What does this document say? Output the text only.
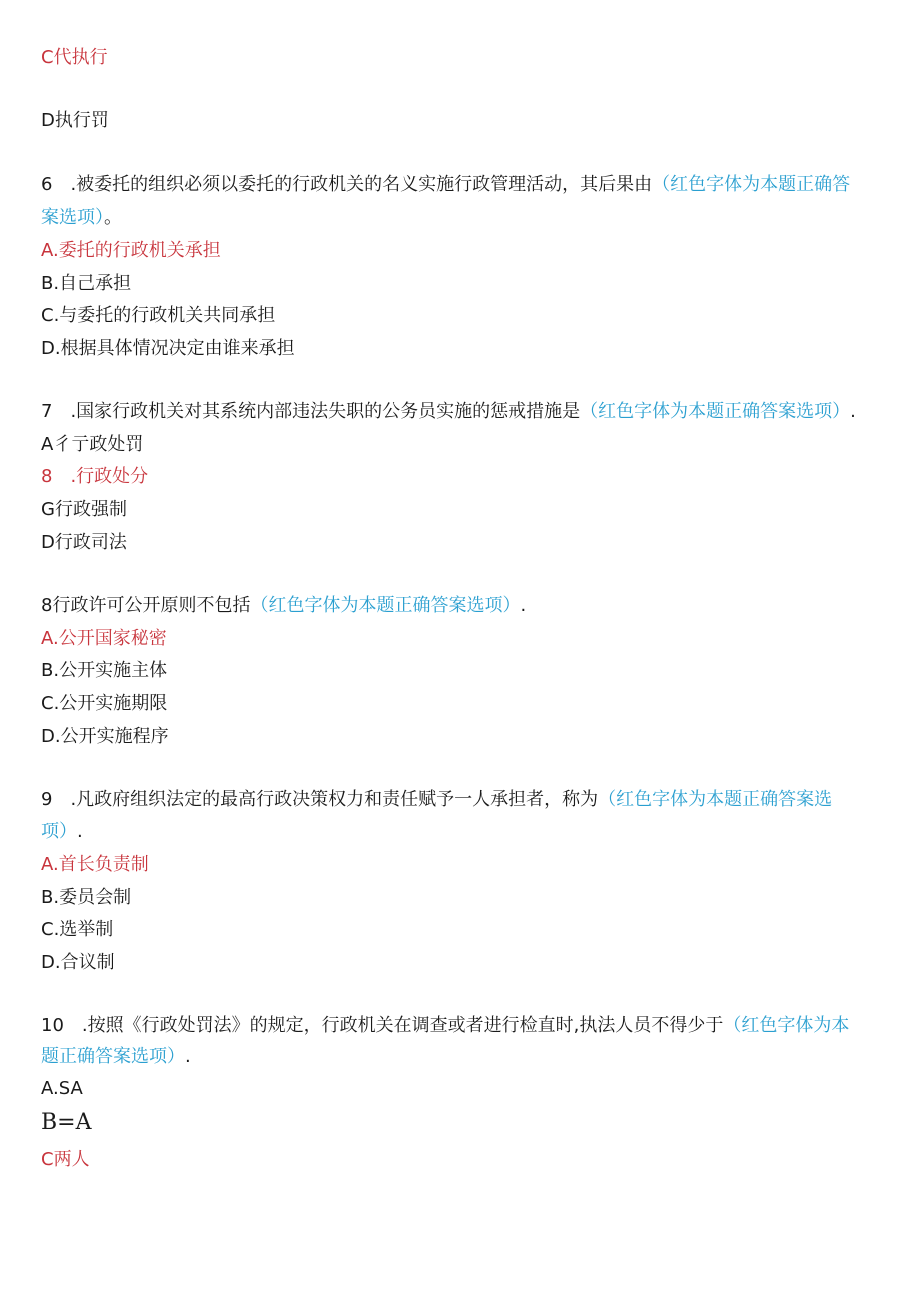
C代执行

D执行罚

6　.被委托的组织必须以委托的行政机关的名义实施行政管理活动，其后果由（红色字体为本题正确答

案选项）。

A.委托的行政机关承担

B.自己承担

C.与委托的行政机关共同承担

D.根据具体情况决定由谁来承担

7　.国家行政机关对其系统内部违法失职的公务员实施的惩戒措施是（红色字体为本题正确答案选项）.

A彳亍政处罚

8　.行政处分

G行政强制

D行政司法

8行政许可公开原则不包括（红色字体为本题正确答案选项）.

A.公开国家秘密

B.公开实施主体

C.公开实施期限

D.公开实施程序

9　.凡政府组织法定的最高行政决策权力和责任赋予一人承担者，称为（红色字体为本题正确答案选

项）.

A.首长负责制

B.委员会制

C.选举制

D.合议制

10　.按照《行政处罚法》的规定，行政机关在调查或者进行检直时,执法人员不得少于（红色字体为本

题正确答案选项）.

A.SA

B=A

C两人
